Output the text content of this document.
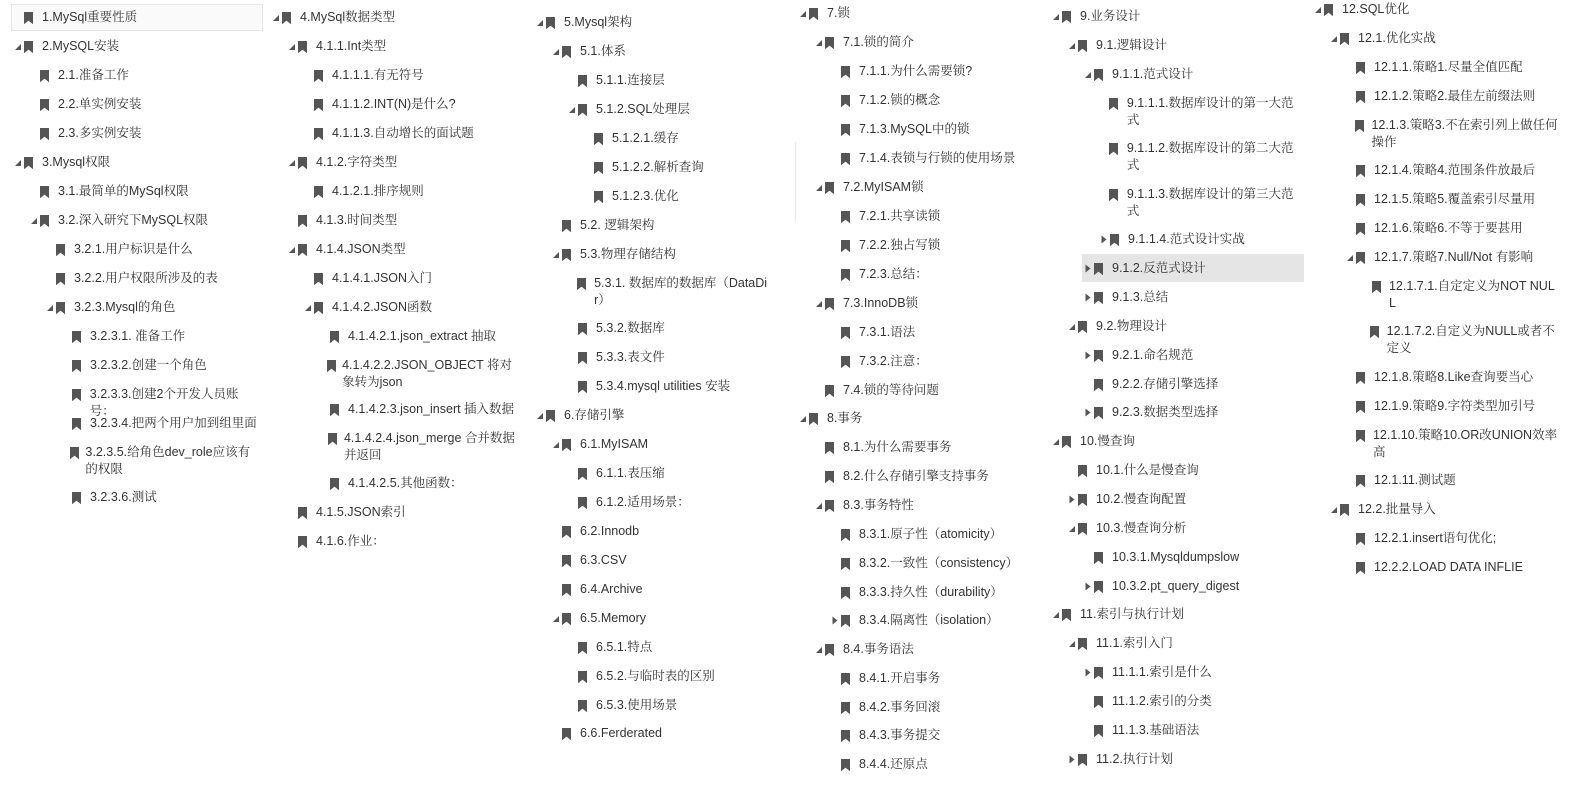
1.MySql重要性质
2.MySQL安装
2.1.准备工作
2.2.单实例安装
2.3.多实例安装
3.Mysql权限
3.1.最简单的MySql权限
3.2.深入研究下MySQL权限
3.2.1.用户标识是什么
3.2.2.用户权限所涉及的表
3.2.3.Mysql的角色
3.2.3.1. 准备工作
3.2.3.2.创建一个角色
3.2.3.3.创建2个开发人员账号：
3.2.3.4.把两个用户加到组里面
3.2.3.5.给角色dev_role应该有的权限
3.2.3.6.测试
4.MySql数据类型
4.1.1.Int类型
4.1.1.1.有无符号
4.1.1.2.INT(N)是什么?
4.1.1.3.自动增长的面试题
4.1.2.字符类型
4.1.2.1.排序规则
4.1.3.时间类型
4.1.4.JSON类型
4.1.4.1.JSON入门
4.1.4.2.JSON函数
4.1.4.2.1.json_extract 抽取
4.1.4.2.2.JSON_OBJECT 将对象转为json
4.1.4.2.3.json_insert 插入数据
4.1.4.2.4.json_merge 合并数据并返回
4.1.4.2.5.其他函数：
4.1.5.JSON索引
4.1.6.作业：
5.Mysql架构
5.1.体系
5.1.1.连接层
5.1.2.SQL处理层
5.1.2.1.缓存
5.1.2.2.解析查询
5.1.2.3.优化
5.2. 逻辑架构
5.3.物理存储结构
5.3.1. 数据库的数据库（DataDir）
5.3.2.数据库
5.3.3.表文件
5.3.4.mysql utilities 安装
6.存储引擎
6.1.MyISAM
6.1.1.表压缩
6.1.2.适用场景：
6.2.Innodb
6.3.CSV
6.4.Archive
6.5.Memory
6.5.1.特点
6.5.2.与临时表的区别
6.5.3.使用场景
6.6.Ferderated
7.锁
7.1.锁的简介
7.1.1.为什么需要锁?
7.1.2.锁的概念
7.1.3.MySQL中的锁
7.1.4.表锁与行锁的使用场景
7.2.MyISAM锁
7.2.1.共享读锁
7.2.2.独占写锁
7.2.3.总结：
7.3.InnoDB锁
7.3.1.语法
7.3.2.注意：
7.4.锁的等待问题
8.事务
8.1.为什么需要事务
8.2.什么存储引擎支持事务
8.3.事务特性
8.3.1.原子性（atomicity）
8.3.2.一致性（consistency）
8.3.3.持久性（durability）
8.3.4.隔离性（isolation）
8.4.事务语法
8.4.1.开启事务
8.4.2.事务回滚
8.4.3.事务提交
8.4.4.还原点
9.业务设计
9.1.逻辑设计
9.1.1.范式设计
9.1.1.1.数据库设计的第一大范式
9.1.1.2.数据库设计的第二大范式
9.1.1.3.数据库设计的第三大范式
9.1.1.4.范式设计实战
9.1.2.反范式设计
9.1.3.总结
9.2.物理设计
9.2.1.命名规范
9.2.2.存储引擎选择
9.2.3.数据类型选择
10.慢查询
10.1.什么是慢查询
10.2.慢查询配置
10.3.慢查询分析
10.3.1.Mysqldumpslow
10.3.2.pt_query_digest
11.索引与执行计划
11.1.索引入门
11.1.1.索引是什么
11.1.2.索引的分类
11.1.3.基础语法
11.2.执行计划
12.SQL优化
12.1.优化实战
12.1.1.策略1.尽量全值匹配
12.1.2.策略2.最佳左前缀法则
12.1.3.策略3.不在索引列上做任何操作
12.1.4.策略4.范围条件放最后
12.1.5.策略5.覆盖索引尽量用
12.1.6.策略6.不等于要甚用
12.1.7.策略7.Null/Not 有影响
12.1.7.1.自定定义为NOT NULL
12.1.7.2.自定义为NULL或者不定义
12.1.8.策略8.Like查询要当心
12.1.9.策略9.字符类型加引号
12.1.10.策略10.OR改UNION效率高
12.1.11.测试题
12.2.批量导入
12.2.1.insert语句优化;
12.2.2.LOAD DATA INFLIE
